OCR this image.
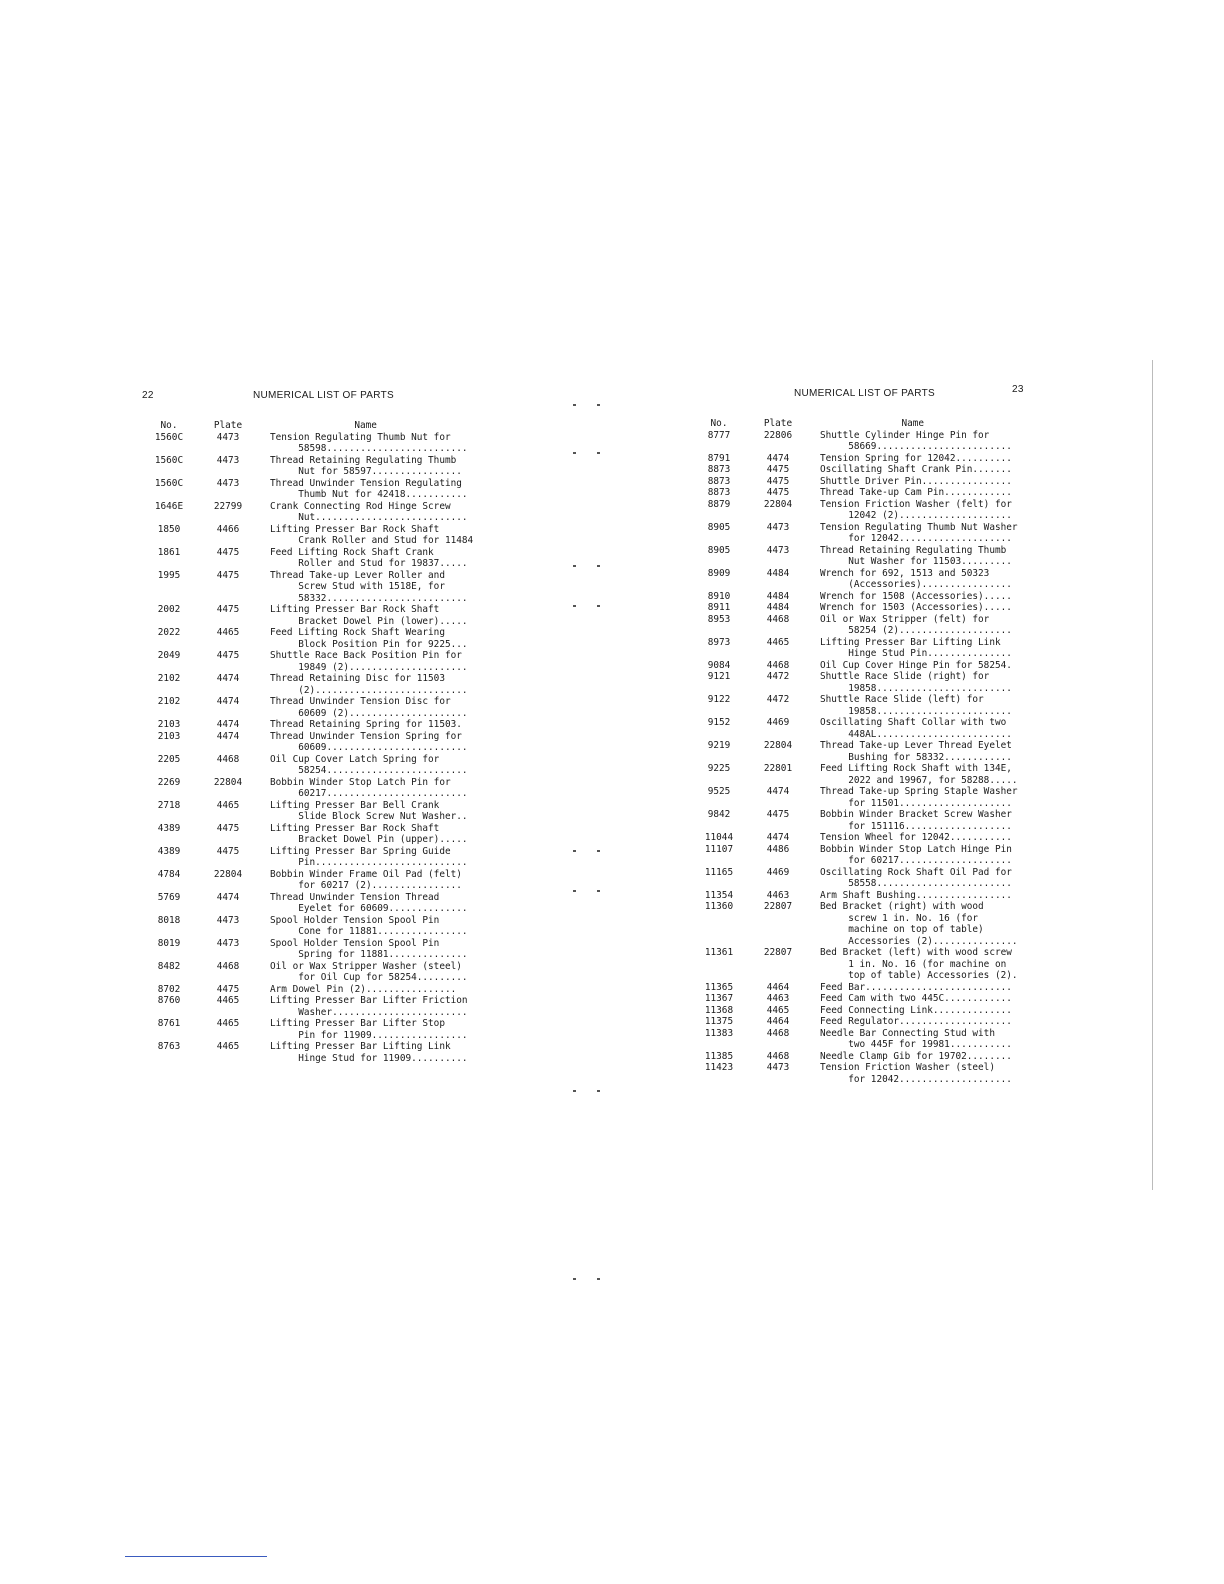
22	NUMERICAL LIST OF PARTS
No.	Plate	Name
1560C	4473	Tension Regulating Thumb Nut for
58598.........................
1560C	4473	Thread Retaining Regulating Thumb
Nut for 58597................
1560C	4473	Thread Unwinder Tension Regulating
Thumb Nut for 42418...........
1646E	22799	Crank Connecting Rod Hinge Screw
Nut...........................
1850	4466	Lifting Presser Bar Rock Shaft
Crank Roller and Stud for 11484
1861	4475	Feed Lifting Rock Shaft Crank
Roller and Stud for 19837.....
1995	4475	Thread Take-up Lever Roller and
Screw Stud with 1518E, for
58332.........................
2002	4475	Lifting Presser Bar Rock Shaft
Bracket Dowel Pin (lower).....
2022	4465	Feed Lifting Rock Shaft Wearing
Block Position Pin for 9225...
2049	4475	Shuttle Race Back Position Pin for
19849 (2).....................
2102	4474	Thread Retaining Disc for 11503
(2)...........................
2102	4474	Thread Unwinder Tension Disc for
60609 (2).....................
2103	4474	Thread Retaining Spring for 11503.
2103	4474	Thread Unwinder Tension Spring for
60609.........................
2205	4468	Oil Cup Cover Latch Spring for
58254.........................
2269	22804	Bobbin Winder Stop Latch Pin for
60217.........................
2718	4465	Lifting Presser Bar Bell Crank
Slide Block Screw Nut Washer..
4389	4475	Lifting Presser Bar Rock Shaft
Bracket Dowel Pin (upper).....
4389	4475	Lifting Presser Bar Spring Guide
Pin...........................
4784	22804	Bobbin Winder Frame Oil Pad (felt)
for 60217 (2)................
5769	4474	Thread Unwinder Tension Thread
Eyelet for 60609..............
8018	4473	Spool Holder Tension Spool Pin
Cone for 11881................
8019	4473	Spool Holder Tension Spool Pin
Spring for 11881..............
8482	4468	Oil or Wax Stripper Washer (steel)
for Oil Cup for 58254.........
8702	4475	Arm Dowel Pin (2)................
8760	4465	Lifting Presser Bar Lifter Friction
Washer........................
8761	4465	Lifting Presser Bar Lifter Stop
Pin for 11909.................
8763	4465	Lifting Presser Bar Lifting Link
Hinge Stud for 11909..........
NUMERICAL LIST OF PARTS	23
No.	Plate	Name
8777	22806	Shuttle Cylinder Hinge Pin for
58669........................
8791	4474	Tension Spring for 12042..........
8873	4475	Oscillating Shaft Crank Pin.......
8873	4475	Shuttle Driver Pin................
8873	4475	Thread Take-up Cam Pin............
8879	22804	Tension Friction Washer (felt) for
12042 (2)....................
8905	4473	Tension Regulating Thumb Nut Washer
for 12042....................
8905	4473	Thread Retaining Regulating Thumb
Nut Washer for 11503.........
8909	4484	Wrench for 692, 1513 and 50323
(Accessories)................
8910	4484	Wrench for 1508 (Accessories).....
8911	4484	Wrench for 1503 (Accessories).....
8953	4468	Oil or Wax Stripper (felt) for
58254 (2)....................
8973	4465	Lifting Presser Bar Lifting Link
Hinge Stud Pin...............
9084	4468	Oil Cup Cover Hinge Pin for 58254.
9121	4472	Shuttle Race Slide (right) for
19858........................
9122	4472	Shuttle Race Slide (left) for
19858........................
9152	4469	Oscillating Shaft Collar with two
448AL........................
9219	22804	Thread Take-up Lever Thread Eyelet
Bushing for 58332............
9225	22801	Feed Lifting Rock Shaft with 134E,
2022 and 19967, for 58288.....
9525	4474	Thread Take-up Spring Staple Washer
for 11501....................
9842	4475	Bobbin Winder Bracket Screw Washer
for 151116...................
11044	4474	Tension Wheel for 12042...........
11107	4486	Bobbin Winder Stop Latch Hinge Pin
for 60217....................
11165	4469	Oscillating Rock Shaft Oil Pad for
58558........................
11354	4463	Arm Shaft Bushing.................
11360	22807	Bed Bracket (right) with wood
screw 1 in. No. 16 (for
machine on top of table)
Accessories (2)...............
11361	22807	Bed Bracket (left) with wood screw
1 in. No. 16 (for machine on
top of table) Accessories (2).
11365	4464	Feed Bar..........................
11367	4463	Feed Cam with two 445C............
11368	4465	Feed Connecting Link..............
11375	4464	Feed Regulator....................
11383	4468	Needle Bar Connecting Stud with
two 445F for 19981...........
11385	4468	Needle Clamp Gib for 19702........
11423	4473	Tension Friction Washer (steel)
for 12042....................
